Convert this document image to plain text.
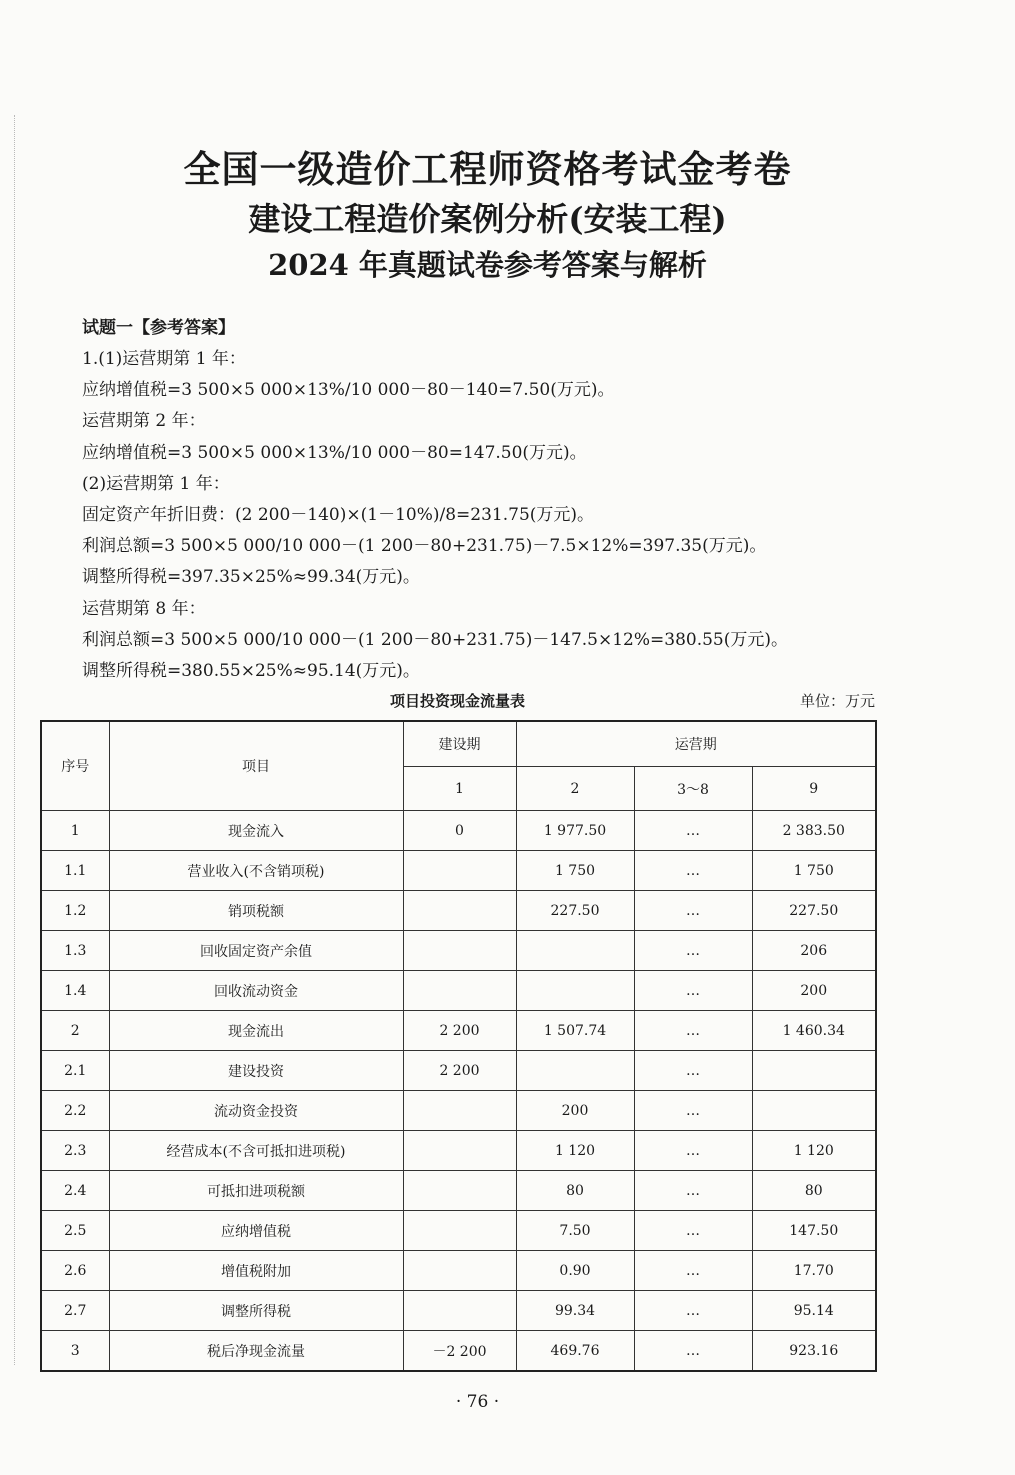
全国一级造价工程师资格考试金考卷
建设工程造价案例分析(安装工程)
2024 年真题试卷参考答案与解析
试题一【参考答案】
1.(1)运营期第 1 年：
应纳增值税=3 500×5 000×13%/10 000－80－140=7.50(万元)。
运营期第 2 年：
应纳增值税=3 500×5 000×13%/10 000－80=147.50(万元)。
(2)运营期第 1 年：
固定资产年折旧费：(2 200－140)×(1－10%)/8=231.75(万元)。
利润总额=3 500×5 000/10 000－(1 200－80+231.75)－7.5×12%=397.35(万元)。
调整所得税=397.35×25%≈99.34(万元)。
运营期第 8 年：
利润总额=3 500×5 000/10 000－(1 200－80+231.75)－147.5×12%=380.55(万元)。
调整所得税=380.55×25%≈95.14(万元)。
项目投资现金流量表	单位：万元
序号	项目	建设期	运营期		
		1	2	3～8	9
1	现金流入	0	1 977.50	…	2 383.50
1.1	营业收入(不含销项税)		1 750	…	1 750
1.2	销项税额		227.50	…	227.50
1.3	回收固定资产余值			…	206
1.4	回收流动资金			…	200
2	现金流出	2 200	1 507.74	…	1 460.34
2.1	建设投资	2 200		…	
2.2	流动资金投资		200	…	
2.3	经营成本(不含可抵扣进项税)		1 120	…	1 120
2.4	可抵扣进项税额		80	…	80
2.5	应纳增值税		7.50	…	147.50
2.6	增值税附加		0.90	…	17.70
2.7	调整所得税		99.34	…	95.14
3	税后净现金流量	－2 200	469.76	…	923.16
· 76 ·
